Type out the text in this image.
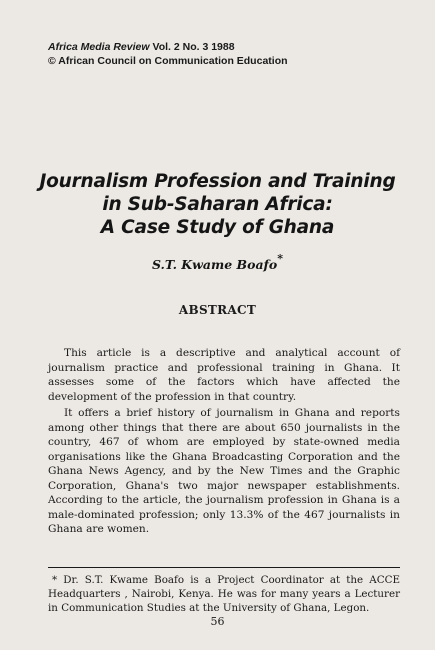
Africa Media Review Vol. 2 No. 3 1988
© African Council on Communication Education
Journalism Profession and Training
in Sub-Saharan Africa:
A Case Study of Ghana
S.T. Kwame Boafo*
ABSTRACT

This article is a descriptive and analytical account of journalism practice and professional training in Ghana. It assesses some of the factors which have affected the development of the profession in that country.

It offers a brief history of journalism in Ghana and reports among other things that there are about 650 journalists in the country, 467 of whom are employed by state-owned media organisations like the Ghana Broadcasting Corporation and the Ghana News Agency, and by the New Times and the Graphic Corporation, Ghana's two major newspaper establishments. According to the article, the journalism profession in Ghana is a male-dominated profession; only 13.3% of the 467 journalists in Ghana are women.

* Dr. S.T. Kwame Boafo is a Project Coordinator at the ACCE Headquarters , Nairobi, Kenya. He was for many years a Lecturer in Communication Studies at the University of Ghana, Legon.

56
